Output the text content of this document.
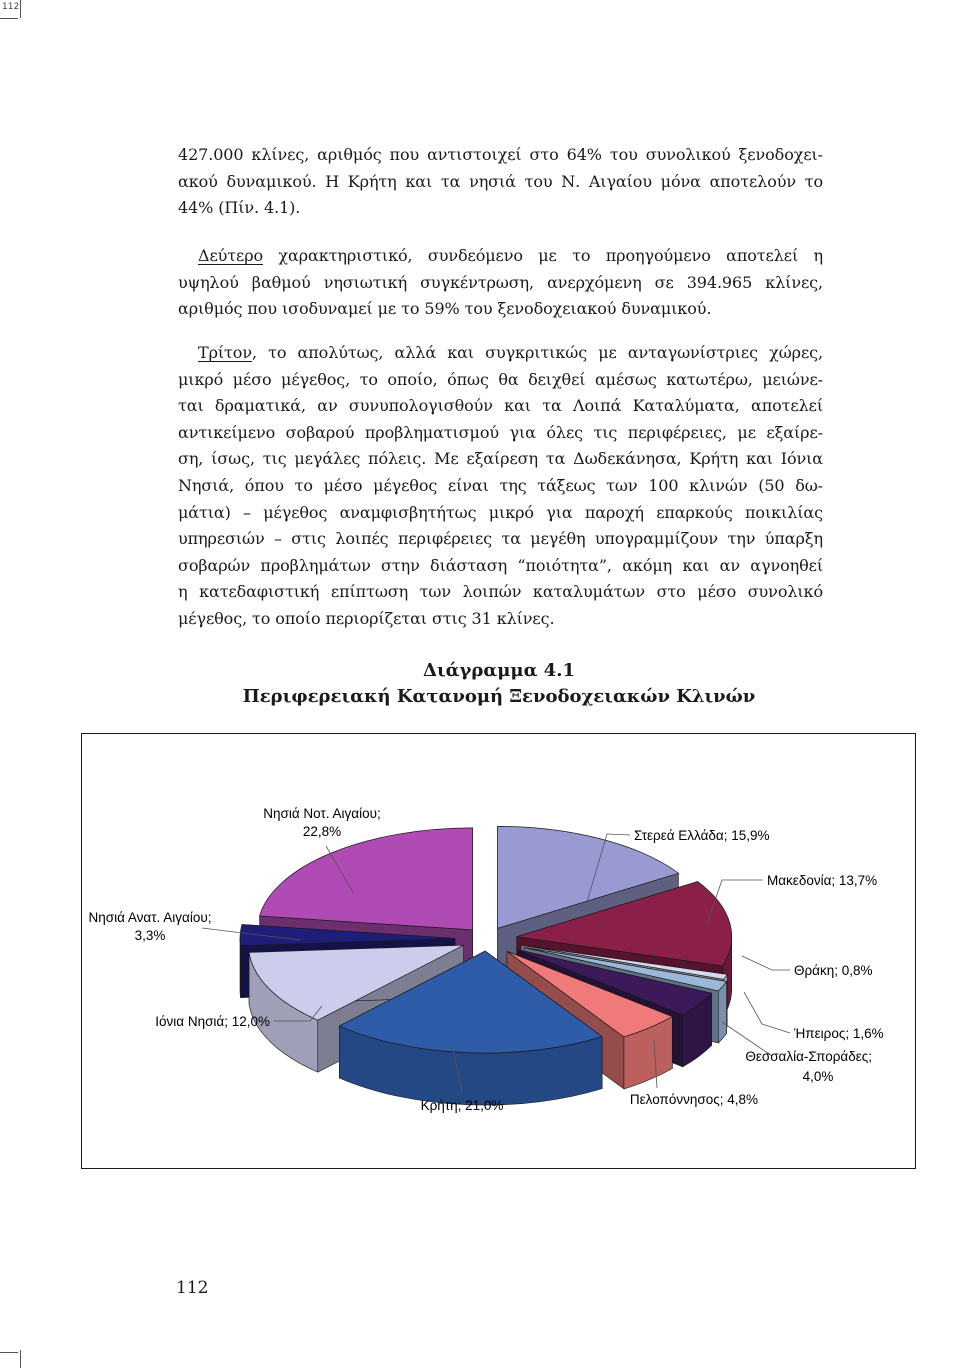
112
427.000 κλίνες, αριθμός που αντιστοιχεί στο 64% του συνολικού ξενοδοχει-
ακού δυναμικού. Η Κρήτη και τα νησιά του Ν. Αιγαίου μόνα αποτελούν το
44% (Πίν. 4.1).
Δεύτερο χαρακτηριστικό, συνδεόμενο με το προηγούμενο αποτελεί η
υψηλού βαθμού νησιωτική συγκέντρωση, ανερχόμενη σε 394.965 κλίνες,
αριθμός που ισοδυναμεί με το 59% του ξενοδοχειακού δυναμικού.
Τρίτον, το απολύτως, αλλά και συγκριτικώς με ανταγωνίστριες χώρες,
μικρό μέσο μέγεθος, το οποίο, όπως θα δειχθεί αμέσως κατωτέρω, μειώνε-
ται δραματικά, αν συνυπολογισθούν και τα Λοιπά Καταλύματα, αποτελεί
αντικείμενο σοβαρού προβληματισμού για όλες τις περιφέρειες, με εξαίρε-
ση, ίσως, τις μεγάλες πόλεις. Με εξαίρεση τα Δωδεκάνησα, Κρήτη και Ιόνια
Νησιά, όπου το μέσο μέγεθος είναι της τάξεως των 100 κλινών (50 δω-
μάτια) – μέγεθος αναμφισβητήτως μικρό για παροχή επαρκούς ποικιλίας
υπηρεσιών – στις λοιπές περιφέρειες τα μεγέθη υπογραμμίζουν την ύπαρξη
σοβαρών προβλημάτων στην διάσταση “ποιότητα”, ακόμη και αν αγνοηθεί
η κατεδαφιστική επίπτωση των λοιπών καταλυμάτων στο μέσο συνολικό
μέγεθος, το οποίο περιορίζεται στις 31 κλίνες.
Διάγραμμα 4.1
Περιφερειακή Κατανομή Ξενοδοχειακών Κλινών
Στερεά Ελλάδα; 15,9%
Μακεδονία; 13,7%
Θράκη; 0,8%
Ήπειρος; 1,6%
Θεσσαλία-Σποράδες; 4,0%
Πελοπόννησος; 4,8%
Κρήτη; 21,0%
Ιόνια Νησιά; 12,0%
Νησιά Ανατ. Αιγαίου; 3,3%
Νησιά Νοτ. Αιγαίου; 22,8%
112
